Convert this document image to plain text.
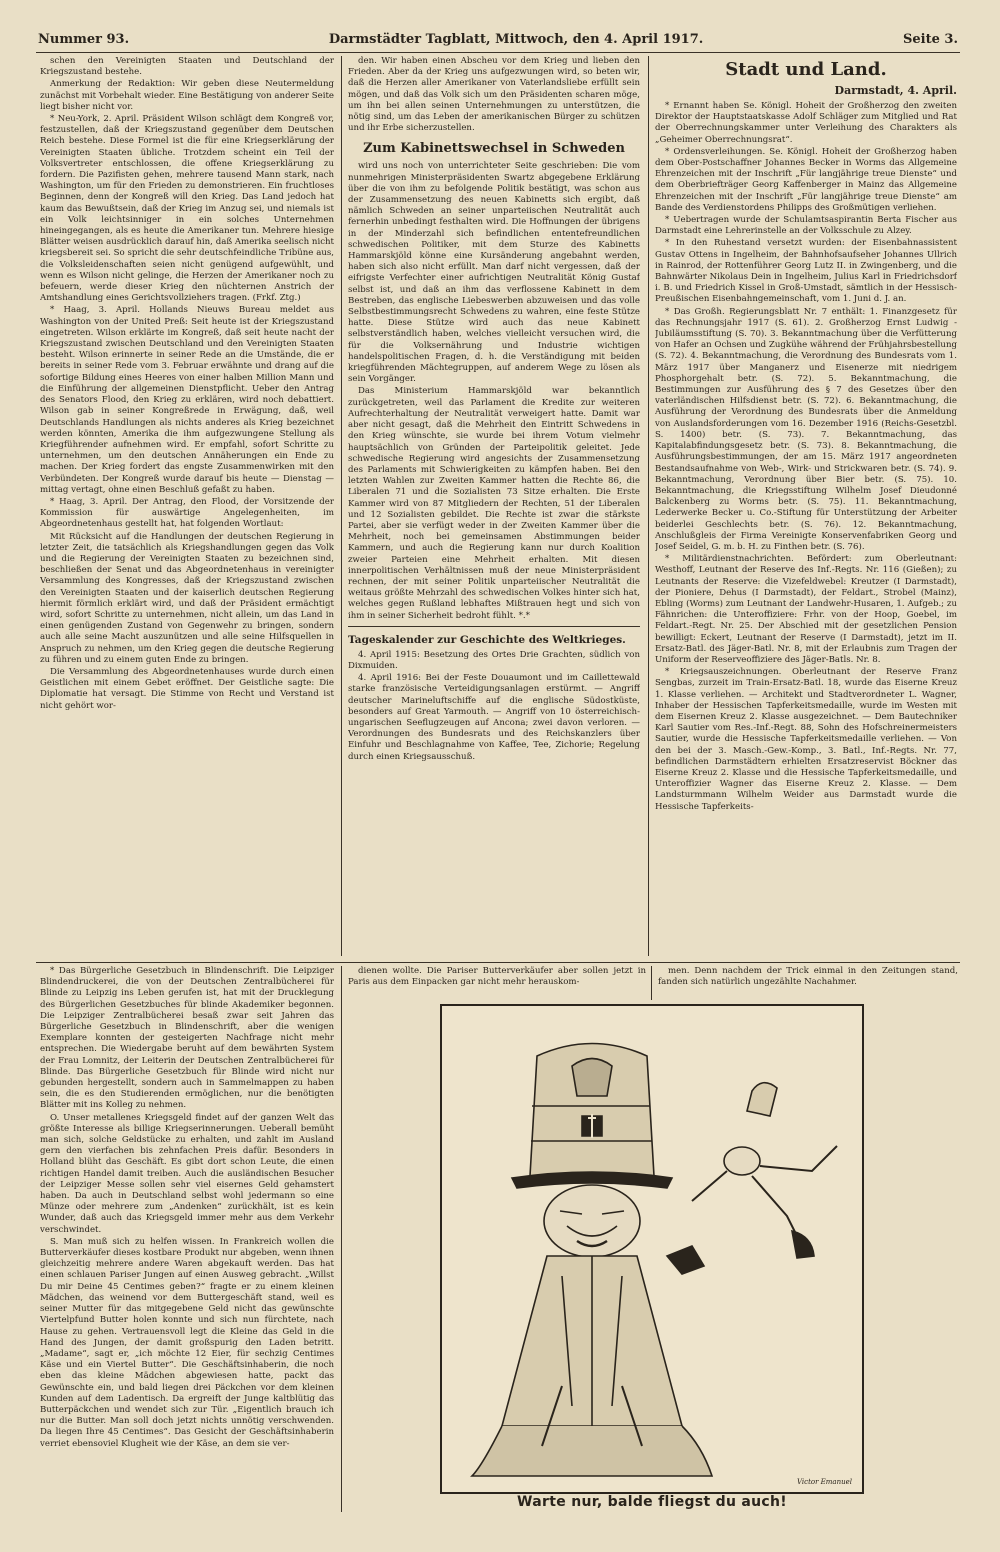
Nummer 93.	Darmstädter Tagblatt, Mittwoch, den 4. April 1917.	Seite 3.

schen den Vereinigten Staaten und Deutschland der Kriegszustand bestehe.

Anmerkung der Redaktion: Wir geben diese Neutermeldung zunächst mit Vorbehalt wieder. Eine Bestätigung von anderer Seite liegt bisher nicht vor.

* Neu-York, 2. April. Präsident Wilson schlägt dem Kongreß vor, festzustellen, daß der Kriegszustand gegenüber dem Deutschen Reich bestehe. Diese Formel ist die für eine Kriegserklärung der Vereinigten Staaten übliche. Trotzdem scheint ein Teil der Volksvertreter entschlossen, die offene Kriegserklärung zu fordern. Die Pazifisten gehen, mehrere tausend Mann stark, nach Washington, um für den Frieden zu demonstrieren. Ein fruchtloses Beginnen, denn der Kongreß will den Krieg. Das Land jedoch hat kaum das Bewußtsein, daß der Krieg im Anzug sei, und niemals ist ein Volk leichtsinniger in ein solches Unternehmen hineingegangen, als es heute die Amerikaner tun. Mehrere hiesige Blätter weisen ausdrücklich darauf hin, daß Amerika seelisch nicht kriegsbereit sei. So spricht die sehr deutschfeindliche Tribüne aus, die Volksleidenschaften seien nicht genügend aufgewühlt, und wenn es Wilson nicht gelinge, die Herzen der Amerikaner noch zu befeuern, werde dieser Krieg den nüchternen Anstrich der Amtshandlung eines Gerichtsvollziehers tragen. (Frkf. Ztg.)

* Haag, 3. April. Hollands Nieuws Bureau meldet aus Washington von der United Preß: Seit heute ist der Kriegszustand eingetreten. Wilson erklärte im Kongreß, daß seit heute nacht der Kriegszustand zwischen Deutschland und den Vereinigten Staaten besteht. Wilson erinnerte in seiner Rede an die Umstände, die er bereits in seiner Rede vom 3. Februar erwähnte und drang auf die sofortige Bildung eines Heeres von einer halben Million Mann und die Einführung der allgemeinen Dienstpflicht. Ueber den Antrag des Senators Flood, den Krieg zu erklären, wird noch debattiert. Wilson gab in seiner Kongreßrede in Erwägung, daß, weil Deutschlands Handlungen als nichts anderes als Krieg bezeichnet werden könnten, Amerika die ihm aufgezwungene Stellung als Kriegführender aufnehmen wird. Er empfahl, sofort Schritte zu unternehmen, um den deutschen Annäherungen ein Ende zu machen. Der Krieg fordert das engste Zusammenwirken mit den Verbündeten. Der Kongreß wurde darauf bis heute — Dienstag — mittag vertagt, ohne einen Beschluß gefaßt zu haben.

* Haag, 3. April. Der Antrag, den Flood, der Vorsitzende der Kommission für auswärtige Angelegenheiten, im Abgeordnetenhaus gestellt hat, hat folgenden Wortlaut:

Mit Rücksicht auf die Handlungen der deutschen Regierung in letzter Zeit, die tatsächlich als Kriegshandlungen gegen das Volk und die Regierung der Vereinigten Staaten zu bezeichnen sind, beschließen der Senat und das Abgeordnetenhaus in vereinigter Versammlung des Kongresses, daß der Kriegszustand zwischen den Vereinigten Staaten und der kaiserlich deutschen Regierung hiermit förmlich erklärt wird, und daß der Präsident ermächtigt wird, sofort Schritte zu unternehmen, nicht allein, um das Land in einen genügenden Zustand von Gegenwehr zu bringen, sondern auch alle seine Macht auszunützen und alle seine Hilfsquellen in Anspruch zu nehmen, um den Krieg gegen die deutsche Regierung zu führen und zu einem guten Ende zu bringen.

Die Versammlung des Abgeordnetenhauses wurde durch einen Geistlichen mit einem Gebet eröffnet. Der Geistliche sagte: Die Diplomatie hat versagt. Die Stimme von Recht und Verstand ist nicht gehört wor-

den. Wir haben einen Abscheu vor dem Krieg und lieben den Frieden. Aber da der Krieg uns aufgezwungen wird, so beten wir, daß die Herzen aller Amerikaner von Vaterlandsliebe erfüllt sein mögen, und daß das Volk sich um den Präsidenten scharen möge, um ihn bei allen seinen Unternehmungen zu unterstützen, die nötig sind, um das Leben der amerikanischen Bürger zu schützen und ihr Erbe sicherzustellen.

Zum Kabinettswechsel in Schweden

wird uns noch von unterrichteter Seite geschrieben: Die vom nunmehrigen Ministerpräsidenten Swartz abgegebene Erklärung über die von ihm zu befolgende Politik bestätigt, was schon aus der Zusammensetzung des neuen Kabinetts sich ergibt, daß nämlich Schweden an seiner unparteiischen Neutralität auch fernerhin unbedingt festhalten wird. Die Hoffnungen der übrigens in der Minderzahl sich befindlichen ententefreundlichen schwedischen Politiker, mit dem Sturze des Kabinetts Hammarskjöld könne eine Kursänderung angebahnt werden, haben sich also nicht erfüllt. Man darf nicht vergessen, daß der eifrigste Verfechter einer aufrichtigen Neutralität König Gustaf selbst ist, und daß an ihm das verflossene Kabinett in dem Bestreben, das englische Liebeswerben abzuweisen und das volle Selbstbestimmungsrecht Schwedens zu wahren, eine feste Stütze hatte. Diese Stütze wird auch das neue Kabinett selbstverständlich haben, welches vielleicht versuchen wird, die für die Volksernährung und Industrie wichtigen handelspolitischen Fragen, d. h. die Verständigung mit beiden kriegführenden Mächtegruppen, auf anderem Wege zu lösen als sein Vorgänger.

Das Ministerium Hammarskjöld war bekanntlich zurückgetreten, weil das Parlament die Kredite zur weiteren Aufrechterhaltung der Neutralität verweigert hatte. Damit war aber nicht gesagt, daß die Mehrheit den Eintritt Schwedens in den Krieg wünschte, sie wurde bei ihrem Votum vielmehr hauptsächlich von Gründen der Parteipolitik geleitet. Jede schwedische Regierung wird angesichts der Zusammensetzung des Parlaments mit Schwierigkeiten zu kämpfen haben. Bei den letzten Wahlen zur Zweiten Kammer hatten die Rechte 86, die Liberalen 71 und die Sozialisten 73 Sitze erhalten. Die Erste Kammer wird von 87 Mitgliedern der Rechten, 51 der Liberalen und 12 Sozialisten gebildet. Die Rechte ist zwar die stärkste Partei, aber sie verfügt weder in der Zweiten Kammer über die Mehrheit, noch bei gemeinsamen Abstimmungen beider Kammern, und auch die Regierung kann nur durch Koalition zweier Parteien eine Mehrheit erhalten. Mit diesen innerpolitischen Verhältnissen muß der neue Ministerpräsident rechnen, der mit seiner Politik unparteiischer Neutralität die weitaus größte Mehrzahl des schwedischen Volkes hinter sich hat, welches gegen Rußland lebhaftes Mißtrauen hegt und sich von ihm in seiner Sicherheit bedroht fühlt. *.*

Tageskalender zur Geschichte des Weltkrieges.

4. April 1915: Besetzung des Ortes Drie Grachten, südlich von Dixmuiden.

4. April 1916: Bei der Feste Douaumont und im Caillettewald starke französische Verteidigungsanlagen erstürmt. — Angriff deutscher Marineluftschiffe auf die englische Südostküste, besonders auf Great Yarmouth. — Angriff von 10 österreichisch-ungarischen Seeflugzeugen auf Ancona; zwei davon verloren. — Verordnungen des Bundesrats und des Reichskanzlers über Einfuhr und Beschlagnahme von Kaffee, Tee, Zichorie; Regelung durch einen Kriegsausschuß.

Stadt und Land.
Darmstadt, 4. April.

* Ernannt haben Se. Königl. Hoheit der Großherzog den zweiten Direktor der Hauptstaatskasse Adolf Schläger zum Mitglied und Rat der Oberrechnungskammer unter Verleihung des Charakters als „Geheimer Oberrechnungsrat“.

* Ordensverleihungen. Se. Königl. Hoheit der Großherzog haben dem Ober-Postschaffner Johannes Becker in Worms das Allgemeine Ehrenzeichen mit der Inschrift „Für langjährige treue Dienste“ und dem Oberbriefträger Georg Kaffenberger in Mainz das Allgemeine Ehrenzeichen mit der Inschrift „Für langjährige treue Dienste“ am Bande des Verdienstordens Philipps des Großmütigen verliehen.

* Uebertragen wurde der Schulamtsaspirantin Berta Fischer aus Darmstadt eine Lehrerinstelle an der Volksschule zu Alzey.

* In den Ruhestand versetzt wurden: der Eisenbahnassistent Gustav Ottens in Ingelheim, der Bahnhofsaufseher Johannes Ullrich in Rainrod, der Rottenführer Georg Lutz II. in Zwingenberg, und die Bahnwärter Nikolaus Dein in Ingelheim, Julius Karl in Friedrichsdorf i. B. und Friedrich Kissel in Groß-Umstadt, sämtlich in der Hessisch-Preußischen Eisenbahngemeinschaft, vom 1. Juni d. J. an.

* Das Großh. Regierungsblatt Nr. 7 enthält: 1. Finanzgesetz für das Rechnungsjahr 1917 (S. 61). 2. Großherzog Ernst Ludwig - Jubiläumsstiftung (S. 70). 3. Bekanntmachung über die Verfütterung von Hafer an Ochsen und Zugkühe während der Frühjahrsbestellung (S. 72). 4. Bekanntmachung, die Verordnung des Bundesrats vom 1. März 1917 über Manganerz und Eisenerze mit niedrigem Phosphorgehalt betr. (S. 72). 5. Bekanntmachung, die Bestimmungen zur Ausführung des § 7 des Gesetzes über den vaterländischen Hilfsdienst betr. (S. 72). 6. Bekanntmachung, die Ausführung der Verordnung des Bundesrats über die Anmeldung von Auslandsforderungen vom 16. Dezember 1916 (Reichs-Gesetzbl. S. 1400) betr. (S. 73). 7. Bekanntmachung, das Kapitalabfindungsgesetz betr. (S. 73). 8. Bekanntmachung, die Ausführungsbestimmungen, der am 15. März 1917 angeordneten Bestandsaufnahme von Web-, Wirk- und Strickwaren betr. (S. 74). 9. Bekanntmachung, Verordnung über Bier betr. (S. 75). 10. Bekanntmachung, die Kriegsstiftung Wilhelm Josef Dieudonné Balckenberg zu Worms betr. (S. 75). 11. Bekanntmachung, Lederwerke Becker u. Co.-Stiftung für Unterstützung der Arbeiter beiderlei Geschlechts betr. (S. 76). 12. Bekanntmachung, Anschlußgleis der Firma Vereinigte Konservenfabriken Georg und Josef Seidel, G. m. b. H. zu Finthen betr. (S. 76).

* Militärdienstnachrichten. Befördert: zum Oberleutnant: Westhoff, Leutnant der Reserve des Inf.-Regts. Nr. 116 (Gießen); zu Leutnants der Reserve: die Vizefeldwebel: Kreutzer (I Darmstadt), der Pioniere, Dehus (I Darmstadt), der Feldart., Strobel (Mainz), Ebling (Worms) zum Leutnant der Landwehr-Husaren, 1. Aufgeb.; zu Fähnrichen: die Unteroffiziere: Frhr. von der Hoop, Goebel, im Feldart.-Regt. Nr. 25. Der Abschied mit der gesetzlichen Pension bewilligt: Eckert, Leutnant der Reserve (I Darmstadt), jetzt im II. Ersatz-Batl. des Jäger-Batl. Nr. 8, mit der Erlaubnis zum Tragen der Uniform der Reserveoffiziere des Jäger-Batls. Nr. 8.

* Kriegsauszeichnungen. Oberleutnant der Reserve Franz Sengbas, zurzeit im Train-Ersatz-Batl. 18, wurde das Eiserne Kreuz 1. Klasse verliehen. — Architekt und Stadtverordneter L. Wagner, Inhaber der Hessischen Tapferkeitsmedaille, wurde im Westen mit dem Eisernen Kreuz 2. Klasse ausgezeichnet. — Dem Bautechniker Karl Sautier vom Res.-Inf.-Regt. 88, Sohn des Hofschreinermeisters Sautier, wurde die Hessische Tapferkeitsmedaille verliehen. — Von den bei der 3. Masch.-Gew.-Komp., 3. Batl., Inf.-Regts. Nr. 77, befindlichen Darmstädtern erhielten Ersatzreservist Böckner das Eiserne Kreuz 2. Klasse und die Hessische Tapferkeitsmedaille, und Unteroffizier Wagner das Eiserne Kreuz 2. Klasse. — Dem Landsturmmann Wilhelm Weider aus Darmstadt wurde die Hessische Tapferkeits-

* Das Bürgerliche Gesetzbuch in Blindenschrift. Die Leipziger Blindendruckerei, die von der Deutschen Zentralbücherei für Blinde zu Leipzig ins Leben gerufen ist, hat mit der Drucklegung des Bürgerlichen Gesetzbuches für blinde Akademiker begonnen. Die Leipziger Zentralbücherei besaß zwar seit Jahren das Bürgerliche Gesetzbuch in Blindenschrift, aber die wenigen Exemplare konnten der gesteigerten Nachfrage nicht mehr entsprechen. Die Wiedergabe beruht auf dem bewährten System der Frau Lomnitz, der Leiterin der Deutschen Zentralbücherei für Blinde. Das Bürgerliche Gesetzbuch für Blinde wird nicht nur gebunden hergestellt, sondern auch in Sammelmappen zu haben sein, die es den Studierenden ermöglichen, nur die benötigten Blätter mit ins Kolleg zu nehmen.

O. Unser metallenes Kriegsgeld findet auf der ganzen Welt das größte Interesse als billige Kriegserinnerungen. Ueberall bemüht man sich, solche Geldstücke zu erhalten, und zahlt im Ausland gern den vierfachen bis zehnfachen Preis dafür. Besonders in Holland blüht das Geschäft. Es gibt dort schon Leute, die einen richtigen Handel damit treiben. Auch die ausländischen Besucher der Leipziger Messe sollen sehr viel eisernes Geld gehamstert haben. Da auch in Deutschland selbst wohl jedermann so eine Münze oder mehrere zum „Andenken“ zurückhält, ist es kein Wunder, daß auch das Kriegsgeld immer mehr aus dem Verkehr verschwindet.

S. Man muß sich zu helfen wissen. In Frankreich wollen die Butterverkäufer dieses kostbare Produkt nur abgeben, wenn ihnen gleichzeitig mehrere andere Waren abgekauft werden. Das hat einen schlauen Pariser Jungen auf einen Ausweg gebracht. „Willst Du mir Deine 45 Centimes geben?“ fragte er zu einem kleinen Mädchen, das weinend vor dem Buttergeschäft stand, weil es seiner Mutter für das mitgegebene Geld nicht das gewünschte Viertelpfund Butter holen konnte und sich nun fürchtete, nach Hause zu gehen. Vertrauensvoll legt die Kleine das Geld in die Hand des Jungen, der damit großspurig den Laden betritt. „Madame“, sagt er, „ich möchte 12 Eier, für sechzig Centimes Käse und ein Viertel Butter“. Die Geschäftsinhaberin, die noch eben das kleine Mädchen abgewiesen hatte, packt das Gewünschte ein, und bald liegen drei Päckchen vor dem kleinen Kunden auf dem Ladentisch. Da ergreift der Junge kaltblütig das Butterpäckchen und wendet sich zur Tür. „Eigentlich brauch ich nur die Butter. Man soll doch jetzt nichts unnötig verschwenden. Da liegen Ihre 45 Centimes“. Das Gesicht der Geschäftsinhaberin verriet ebensoviel Klugheit wie der Käse, an dem sie ver-

dienen wollte. Die Pariser Butterverkäufer aber sollen jetzt in Paris aus dem Einpacken gar nicht mehr herauskom-

men. Denn nachdem der Trick einmal in den Zeitungen stand, fanden sich natürlich ungezählte Nachahmer.

Victor Emanuel
Warte nur, balde fliegst du auch!
